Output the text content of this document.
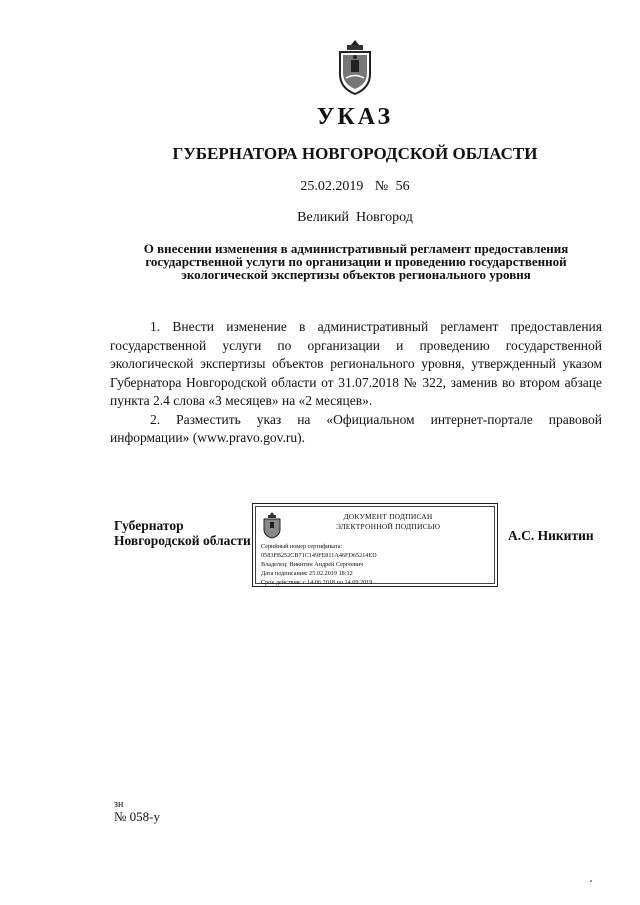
УКАЗ
ГУБЕРНАТОРА НОВГОРОДСКОЙ ОБЛАСТИ
25.02.2019 № 56
Великий  Новгород
О внесении изменения в административный регламент предоставления
государственной услуги по организации и проведению государственной
экологической экспертизы объектов регионального уровня

1. Внести изменение в административный регламент предоставления государственной услуги по организации и проведению государственной экологической экспертизы объектов регионального уровня, утвержденный указом Губернатора Новгородской области от 31.07.2018 № 322, заменив во втором абзаце пункта 2.4 слова «3 месяцев» на «2 месяцев».

2. Разместить указ на «Официальном интернет-портале правовой информации» (www.pravo.gov.ru).

Губернатор
Новгородской области
ДОКУМЕНТ ПОДПИСАН
ЭЛЕКТРОННОЙ ПОДПИСЬЮ
Серийный номер сертификата:
0583FB252CB71C149FE811A46FD65214ED
Владелец: Никитин Андрей Сергеевич
Дата подписания: 25.02.2019 18:12
Срок действия: с 14.06.2018 по 14.09.2019
А.С. Никитин
зн
№ 058-у
